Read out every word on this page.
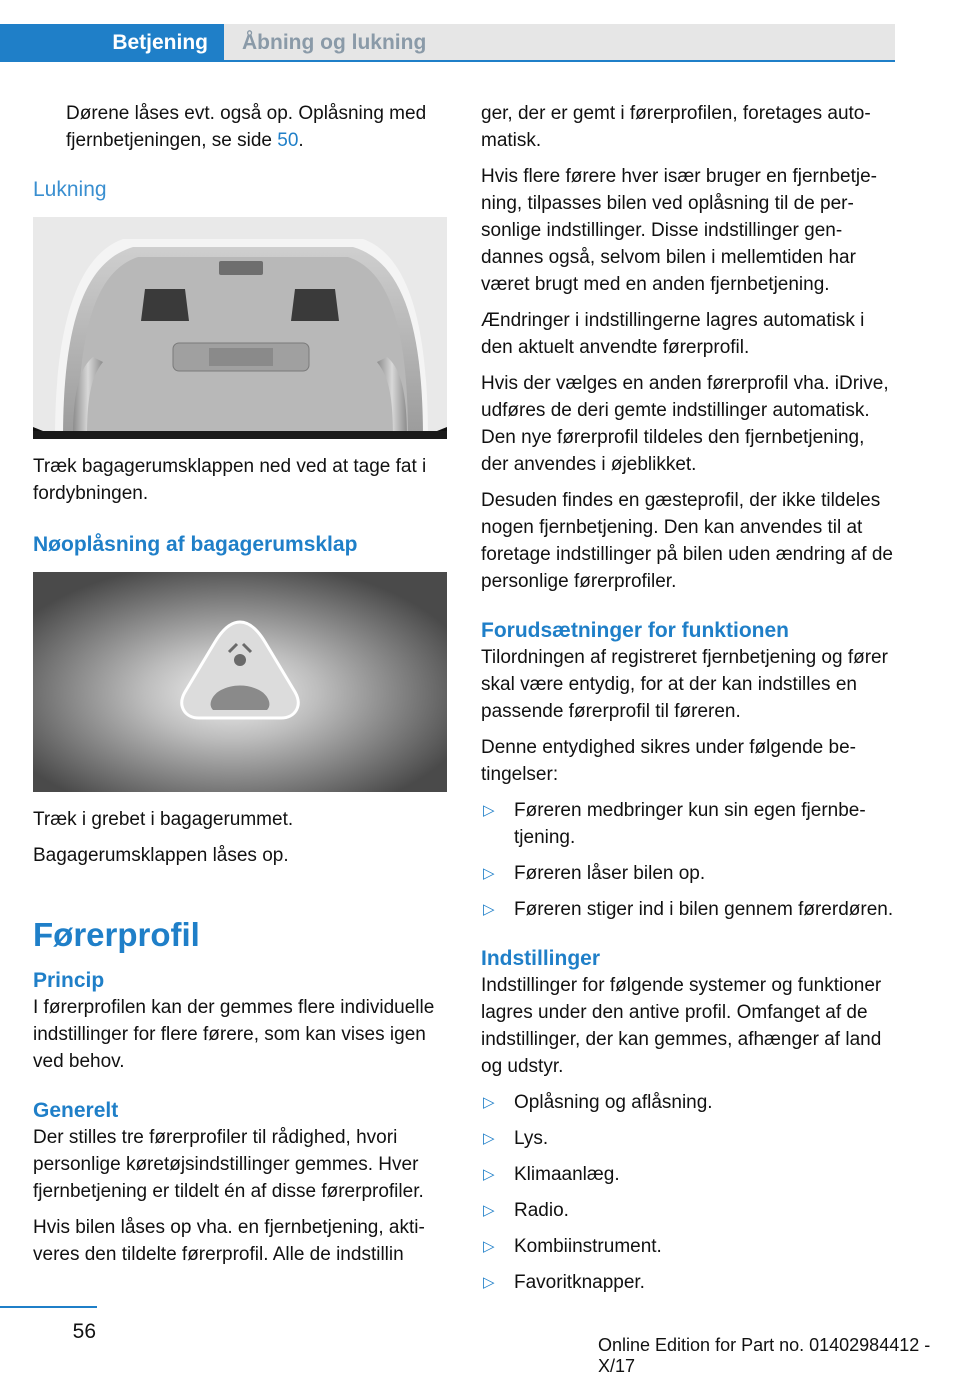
Betjening	Åbning og lukning

Dørene låses evt. også op. Oplåsning med

fjernbetjeningen, se side 50.

Lukning

Træk bagagerumsklappen ned ved at tage fat i fordybningen.

Nøoplåsning af bagagerumsklap

Træk i grebet i bagagerummet.

Bagagerumsklappen låses op.

Førerprofil

Princip

I førerprofilen kan der gemmes flere individuelle indstillinger for flere førere, som kan vises igen ved behov.

Generelt

Der stilles tre førerprofiler til rådighed, hvori personlige køretøjsindstillinger gemmes. Hver fjernbetjening er tildelt én af disse førerprofiler.

Hvis bilen låses op vha. en fjernbetjening, aktiveres den tildelte førerprofil. Alle de indstillin

ger, der er gemt i førerprofilen, foretages automatisk.

Hvis flere førere hver især bruger en fjernbetjening, tilpasses bilen ved oplåsning til de personlige indstillinger. Disse indstillinger gendannes også, selvom bilen i mellemtiden har været brugt med en anden fjernbetjening.

Ændringer i indstillingerne lagres automatisk i den aktuelt anvendte førerprofil.

Hvis der vælges en anden førerprofil vha. iDrive, udføres de deri gemte indstillinger automatisk. Den nye førerprofil tildeles den fjernbetjening, der anvendes i øjeblikket.

Desuden findes en gæsteprofil, der ikke tildeles nogen fjernbetjening. Den kan anvendes til at foretage indstillinger på bilen uden ændring af de personlige førerprofiler.

Forudsætninger for funktionen

Tilordningen af registreret fjernbetjening og fører skal være entydig, for at der kan indstilles en passende førerprofil til føreren.

Denne entydighed sikres under følgende betingelser:

▷	Føreren medbringer kun sin egen fjernbetjening.
▷	Føreren låser bilen op.
▷	Føreren stiger ind i bilen gennem førerdøren.

Indstillinger

Indstillinger for følgende systemer og funktioner lagres under den antive profil. Omfanget af de indstillinger, der kan gemmes, afhænger af land og udstyr.

▷	Oplåsning og aflåsning.
▷	Lys.
▷	Klimaanlæg.
▷	Radio.
▷	Kombiinstrument.
▷	Favoritknapper.
56
Online Edition for Part no. 01402984412 - X/17
